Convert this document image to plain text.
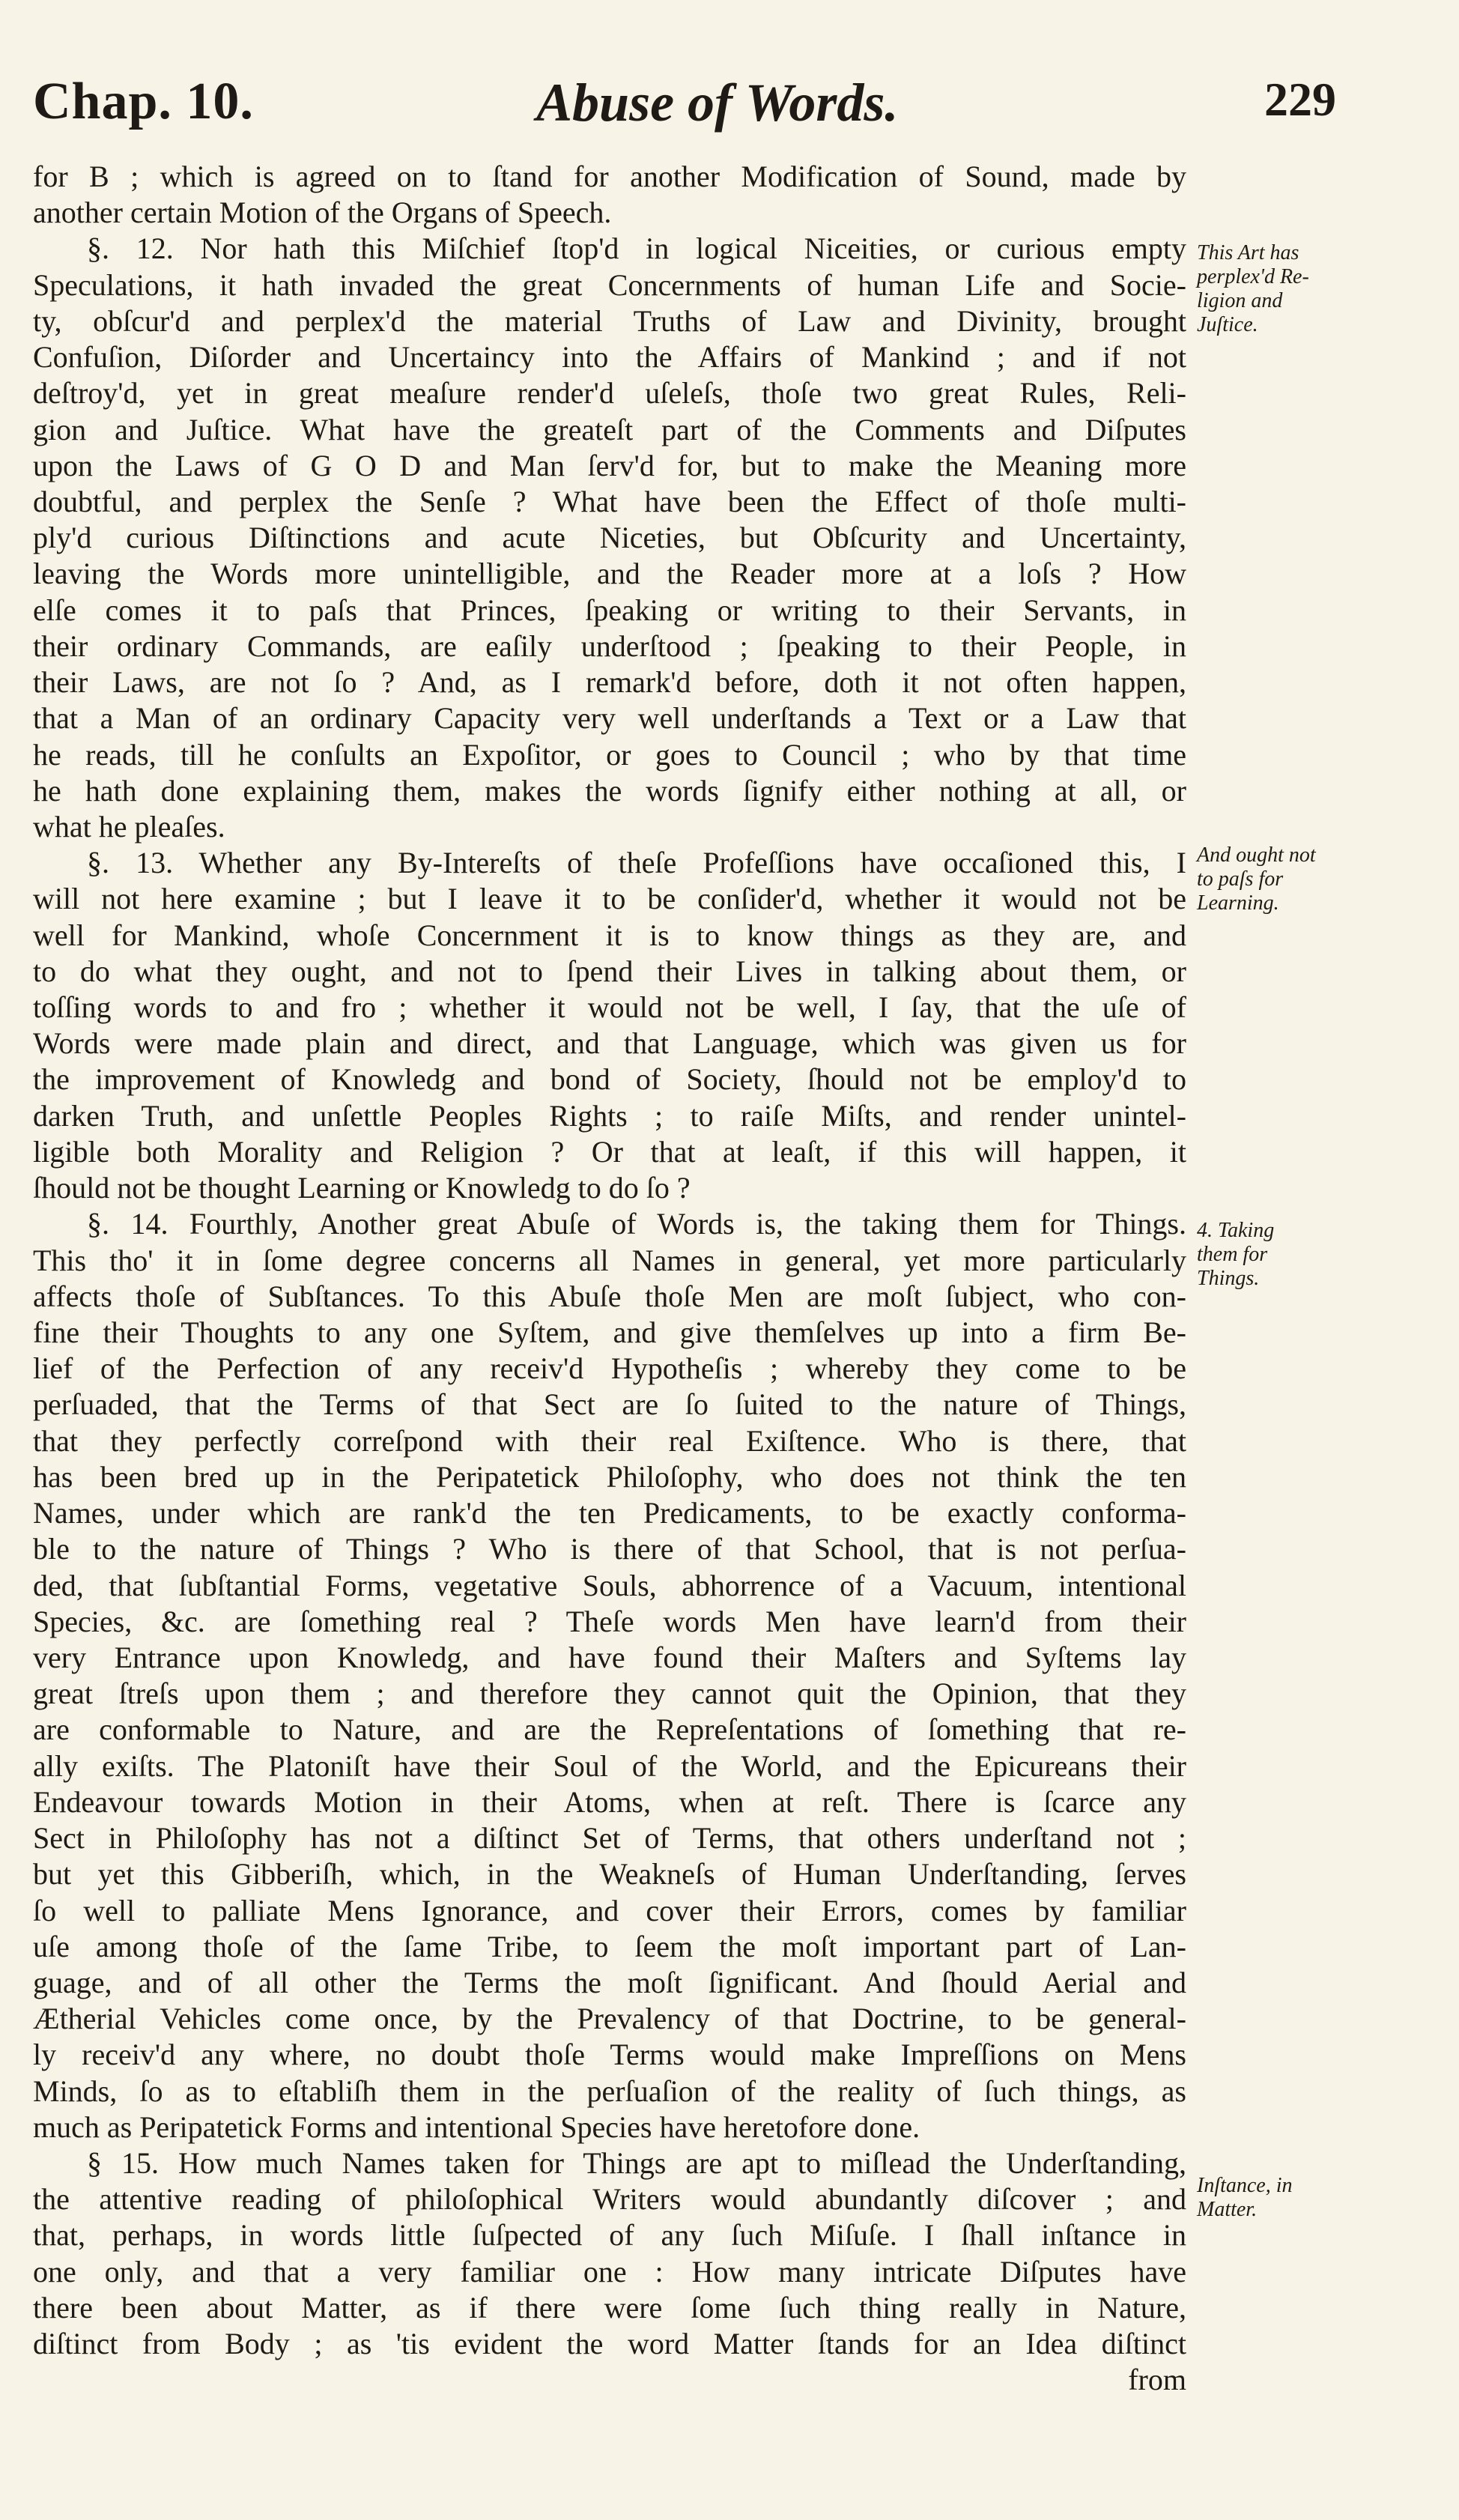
Chap. 10.	Abuse of Words.	229
for B ; which is agreed on to ſtand for another Modification of Sound, made by
another certain Motion of the Organs of Speech.
§. 12. Nor hath this Miſchief ſtop'd in logical Niceities, or curious empty
Speculations, it hath invaded the great Concernments of human Life and Socie-
ty, obſcur'd and perplex'd the material Truths of Law and Divinity, brought
Confuſion, Diſorder and Uncertaincy into the Affairs of Mankind ; and if not
deſtroy'd, yet in great meaſure render'd uſeleſs, thoſe two great Rules, Reli-
gion and Juſtice. What have the greateſt part of the Comments and Diſputes
upon the Laws of G O D and Man ſerv'd for, but to make the Meaning more
doubtful, and perplex the Senſe ? What have been the Effect of thoſe multi-
ply'd curious Diſtinctions and acute Niceties, but Obſcurity and Uncertainty,
leaving the Words more unintelligible, and the Reader more at a loſs ? How
elſe comes it to paſs that Princes, ſpeaking or writing to their Servants, in
their ordinary Commands, are eaſily underſtood ; ſpeaking to their People, in
their Laws, are not ſo ? And, as I remark'd before, doth it not often happen,
that a Man of an ordinary Capacity very well underſtands a Text or a Law that
he reads, till he conſults an Expoſitor, or goes to Council ; who by that time
he hath done explaining them, makes the words ſignify either nothing at all, or
what he pleaſes.
§. 13. Whether any By-Intereſts of theſe Profeſſions have occaſioned this, I
will not here examine ; but I leave it to be conſider'd, whether it would not be
well for Mankind, whoſe Concernment it is to know things as they are, and
to do what they ought, and not to ſpend their Lives in talking about them, or
toſſing words to and fro ; whether it would not be well, I ſay, that the uſe of
Words were made plain and direct, and that Language, which was given us for
the improvement of Knowledg and bond of Society, ſhould not be employ'd to
darken Truth, and unſettle Peoples Rights ; to raiſe Miſts, and render unintel-
ligible both Morality and Religion ? Or that at leaſt, if this will happen, it
ſhould not be thought Learning or Knowledg to do ſo ?
§. 14. Fourthly, Another great Abuſe of Words is, the taking them for Things.
This tho' it in ſome degree concerns all Names in general, yet more particularly
affects thoſe of Subſtances. To this Abuſe thoſe Men are moſt ſubject, who con-
fine their Thoughts to any one Syſtem, and give themſelves up into a firm Be-
lief of the Perfection of any receiv'd Hypotheſis ; whereby they come to be
perſuaded, that the Terms of that Sect are ſo ſuited to the nature of Things,
that they perfectly correſpond with their real Exiſtence. Who is there, that
has been bred up in the Peripatetick Philoſophy, who does not think the ten
Names, under which are rank'd the ten Predicaments, to be exactly conforma-
ble to the nature of Things ? Who is there of that School, that is not perſua-
ded, that ſubſtantial Forms, vegetative Souls, abhorrence of a Vacuum, intentional
Species, &c. are ſomething real ? Theſe words Men have learn'd from their
very Entrance upon Knowledg, and have found their Maſters and Syſtems lay
great ſtreſs upon them ; and therefore they cannot quit the Opinion, that they
are conformable to Nature, and are the Repreſentations of ſomething that re-
ally exiſts. The Platoniſt have their Soul of the World, and the Epicureans their
Endeavour towards Motion in their Atoms, when at reſt. There is ſcarce any
Sect in Philoſophy has not a diſtinct Set of Terms, that others underſtand not ;
but yet this Gibberiſh, which, in the Weakneſs of Human Underſtanding, ſerves
ſo well to palliate Mens Ignorance, and cover their Errors, comes by familiar
uſe among thoſe of the ſame Tribe, to ſeem the moſt important part of Lan-
guage, and of all other the Terms the moſt ſignificant. And ſhould Aerial and
Ætherial Vehicles come once, by the Prevalency of that Doctrine, to be general-
ly receiv'd any where, no doubt thoſe Terms would make Impreſſions on Mens
Minds, ſo as to eſtabliſh them in the perſuaſion of the reality of ſuch things, as
much as Peripatetick Forms and intentional Species have heretofore done.
§ 15. How much Names taken for Things are apt to miſlead the Underſtanding,
the attentive reading of philoſophical Writers would abundantly diſcover ; and
that, perhaps, in words little ſuſpected of any ſuch Miſuſe. I ſhall inſtance in
one only, and that a very familiar one : How many intricate Diſputes have
there been about Matter, as if there were ſome ſuch thing really in Nature,
diſtinct from Body ; as 'tis evident the word Matter ſtands for an Idea diſtinct
from
This Art has
perplex'd Re-
ligion and
Juſtice.
And ought not
to paſs for
Learning.
4. Taking
them for
Things.
Inſtance, in
Matter.
